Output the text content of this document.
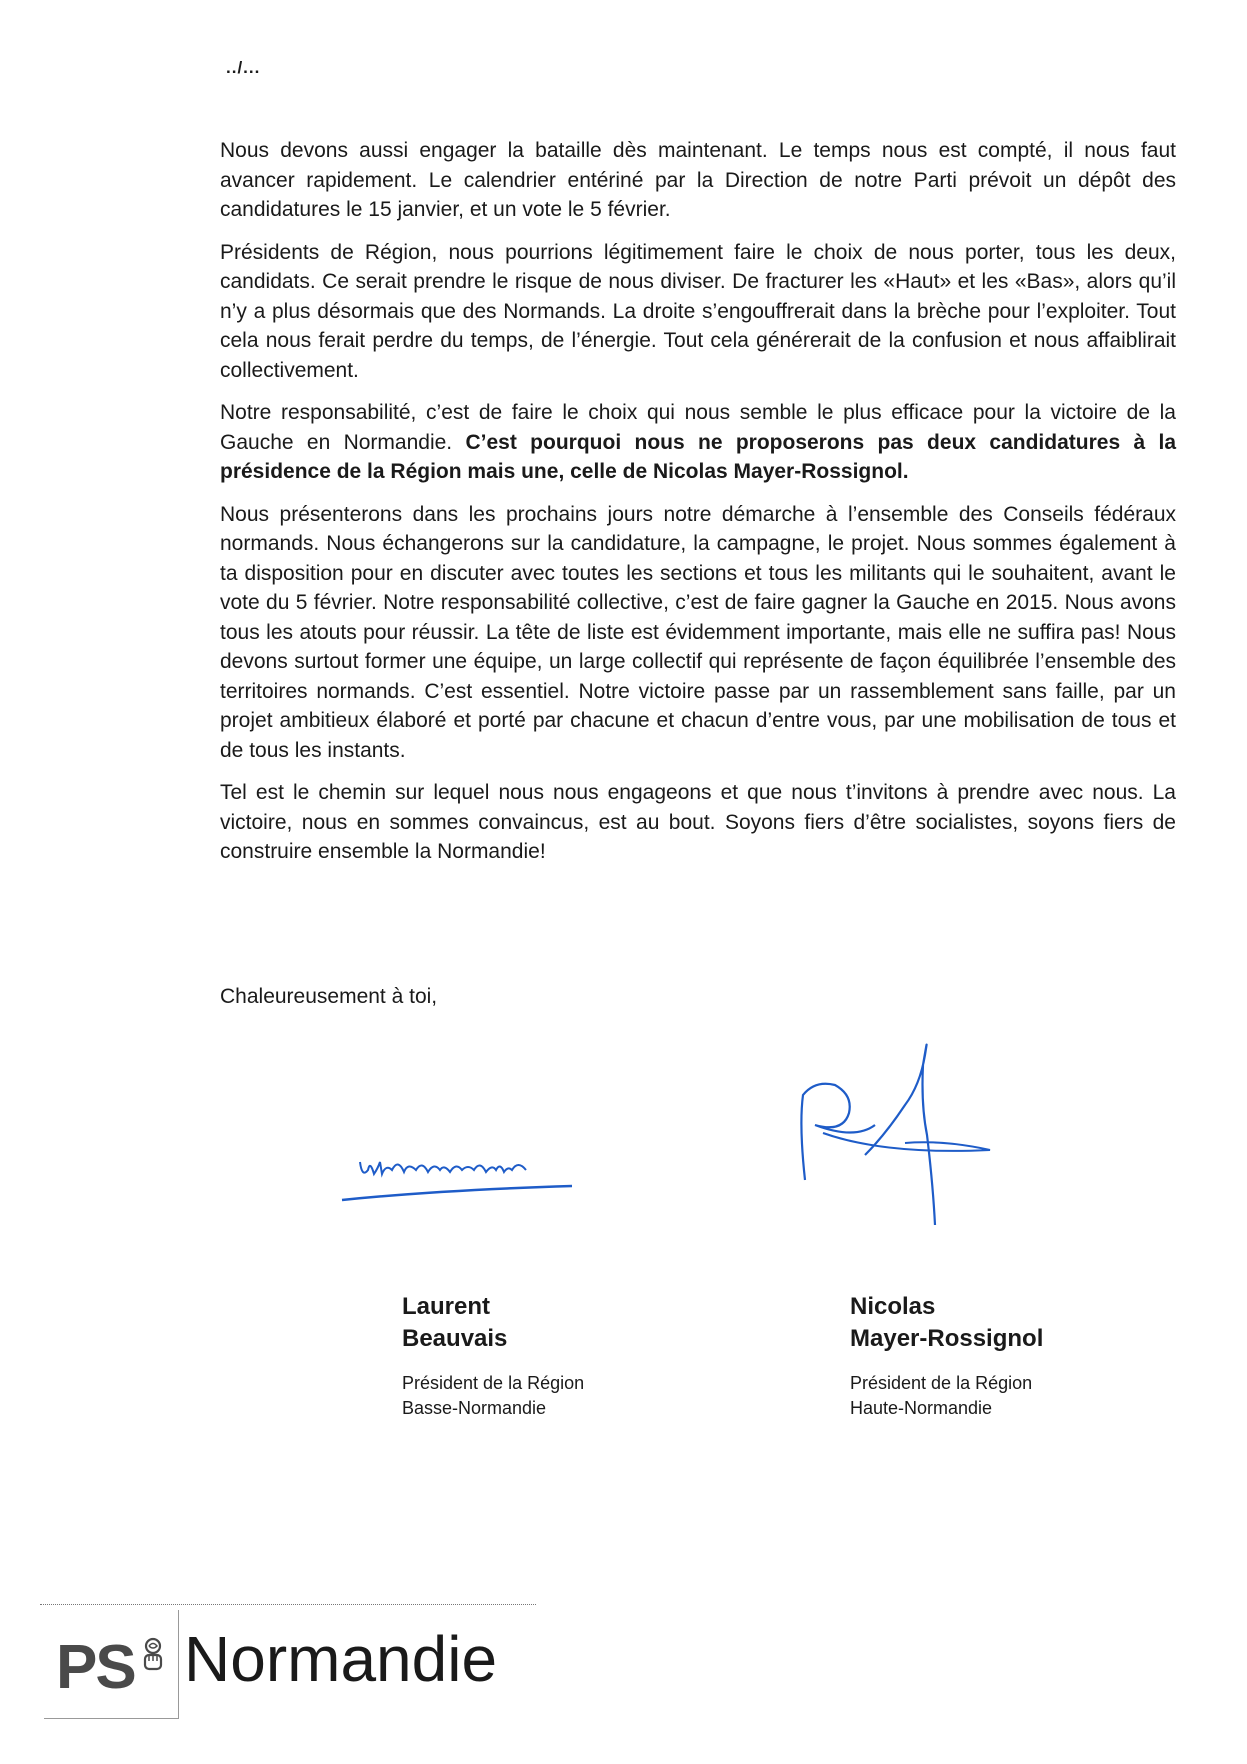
../...

Nous devons aussi engager la bataille dès maintenant. Le temps nous est compté, il nous faut avancer rapidement. Le calendrier entériné par la Direction de notre Parti prévoit un dépôt des candidatures le 15 janvier, et un vote le 5 février.

Présidents de Région, nous pourrions légitimement faire le choix de nous porter, tous les deux, candidats. Ce serait prendre le risque de nous diviser. De fracturer les «Haut» et les «Bas», alors qu’il n’y a plus désormais que des Normands. La droite s’engouffrerait dans la brèche pour l’exploiter. Tout cela nous ferait perdre du temps, de l’énergie. Tout cela générerait de la confusion et nous affaiblirait collectivement.

Notre responsabilité, c’est de faire le choix qui nous semble le plus efficace pour la victoire de la Gauche en Normandie. C’est pourquoi nous ne proposerons pas deux candidatures à la présidence de la Région mais une, celle de Nicolas Mayer-Rossignol.

Nous présenterons dans les prochains jours notre démarche à l’ensemble des Conseils fédéraux normands. Nous échangerons sur la candidature, la campagne, le projet. Nous sommes également à ta disposition pour en discuter avec toutes les sections et tous les militants qui le souhaitent, avant le vote du 5 février. Notre responsabilité collective, c’est de faire gagner la Gauche en 2015. Nous avons tous les atouts pour réussir. La tête de liste est évidemment importante, mais elle ne suffira pas! Nous devons surtout former une équipe, un large collectif qui représente de façon équilibrée l’ensemble des territoires normands. C’est essentiel. Notre victoire passe par un rassemblement sans faille, par un projet ambitieux élaboré et porté par chacune et chacun d’entre vous, par une mobilisation de tous et de tous les instants.

Tel est le chemin sur lequel nous nous engageons et que nous t’invitons à prendre avec nous. La victoire, nous en sommes convaincus, est au bout. Soyons fiers d’être socialistes, soyons fiers de construire ensemble la Normandie!

Chaleureusement à toi,
Laurent
Beauvais
Président de la Région
Basse-Normandie
Nicolas
Mayer-Rossignol
Président de la Région
Haute-Normandie
PS Normandie
